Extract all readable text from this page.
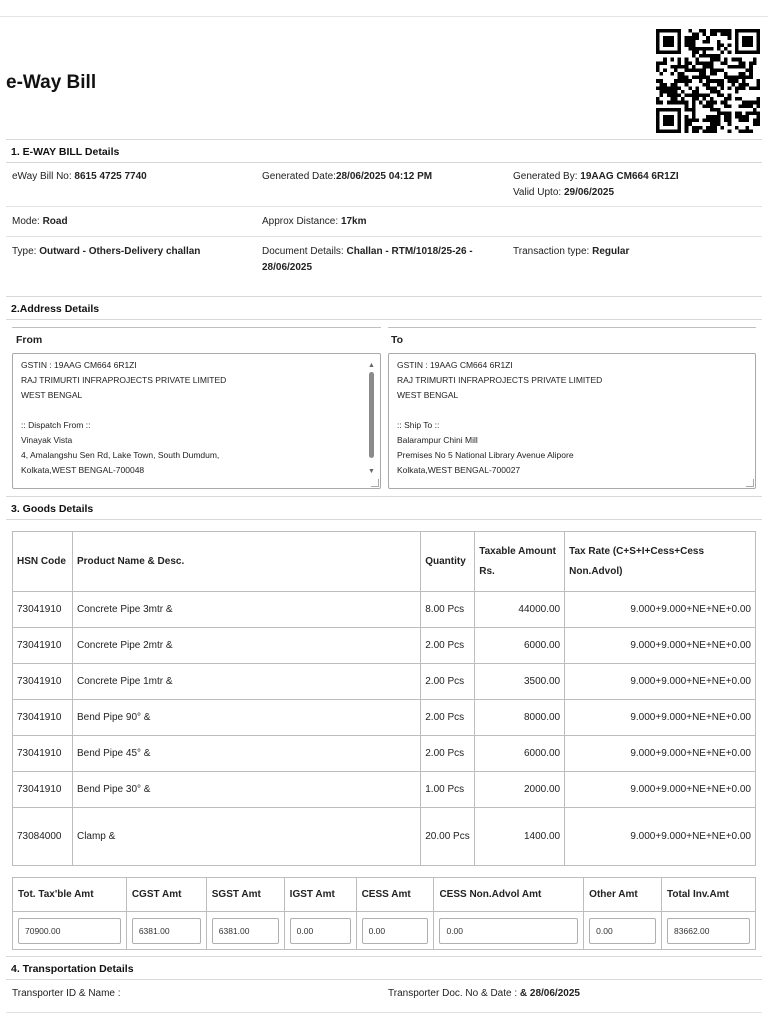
e-Way Bill
1. E-WAY BILL Details
eWay Bill No: 8615 4725 7740	Generated Date:28/06/2025 04:12 PM	Generated By: 19AAG CM664 6R1ZI
Valid Upto: 29/06/2025
Mode: Road	Approx Distance: 17km
Type: Outward - Others-Delivery challan	Document Details: Challan - RTM/1018/25-26 - 28/06/2025
Transaction type: Regular
2.Address Details
From	To
GSTIN : 19AAG CM664 6R1ZI
RAJ TRIMURTI INFRAPROJECTS PRIVATE LIMITED
WEST BENGAL
:: Dispatch From ::
Vinayak Vista
4, Amalangshu Sen Rd, Lake Town, South Dumdum,
Kolkata,WEST BENGAL-700048
▲
▼
GSTIN : 19AAG CM664 6R1ZI
RAJ TRIMURTI INFRAPROJECTS PRIVATE LIMITED
WEST BENGAL
:: Ship To ::
Balarampur Chini Mill
Premises No 5 National Library Avenue Alipore
Kolkata,WEST BENGAL-700027
3. Goods Details
HSN Code	Product Name & Desc.	Quantity	Taxable Amount Rs.	Tax Rate (C+S+I+Cess+Cess Non.Advol)
73041910	Concrete Pipe 3mtr &	8.00 Pcs	44000.00	9.000+9.000+NE+NE+0.00
73041910	Concrete Pipe 2mtr &	2.00 Pcs	6000.00	9.000+9.000+NE+NE+0.00
73041910	Concrete Pipe 1mtr &	2.00 Pcs	3500.00	9.000+9.000+NE+NE+0.00
73041910	Bend Pipe 90° &	2.00 Pcs	8000.00	9.000+9.000+NE+NE+0.00
73041910	Bend Pipe 45° &	2.00 Pcs	6000.00	9.000+9.000+NE+NE+0.00
73041910	Bend Pipe 30° &	1.00 Pcs	2000.00	9.000+9.000+NE+NE+0.00
73084000	Clamp &	20.00 Pcs	1400.00	9.000+9.000+NE+NE+0.00
Tot. Tax'ble Amt	CGST Amt	SGST Amt	IGST Amt	CESS Amt	CESS Non.Advol Amt	Other Amt	Total Inv.Amt

70900.00	6381.00	6381.00	0.00	0.00	0.00	0.00	83662.00
4. Transportation Details
Transporter ID & Name :	Transporter Doc. No & Date : & 28/06/2025
